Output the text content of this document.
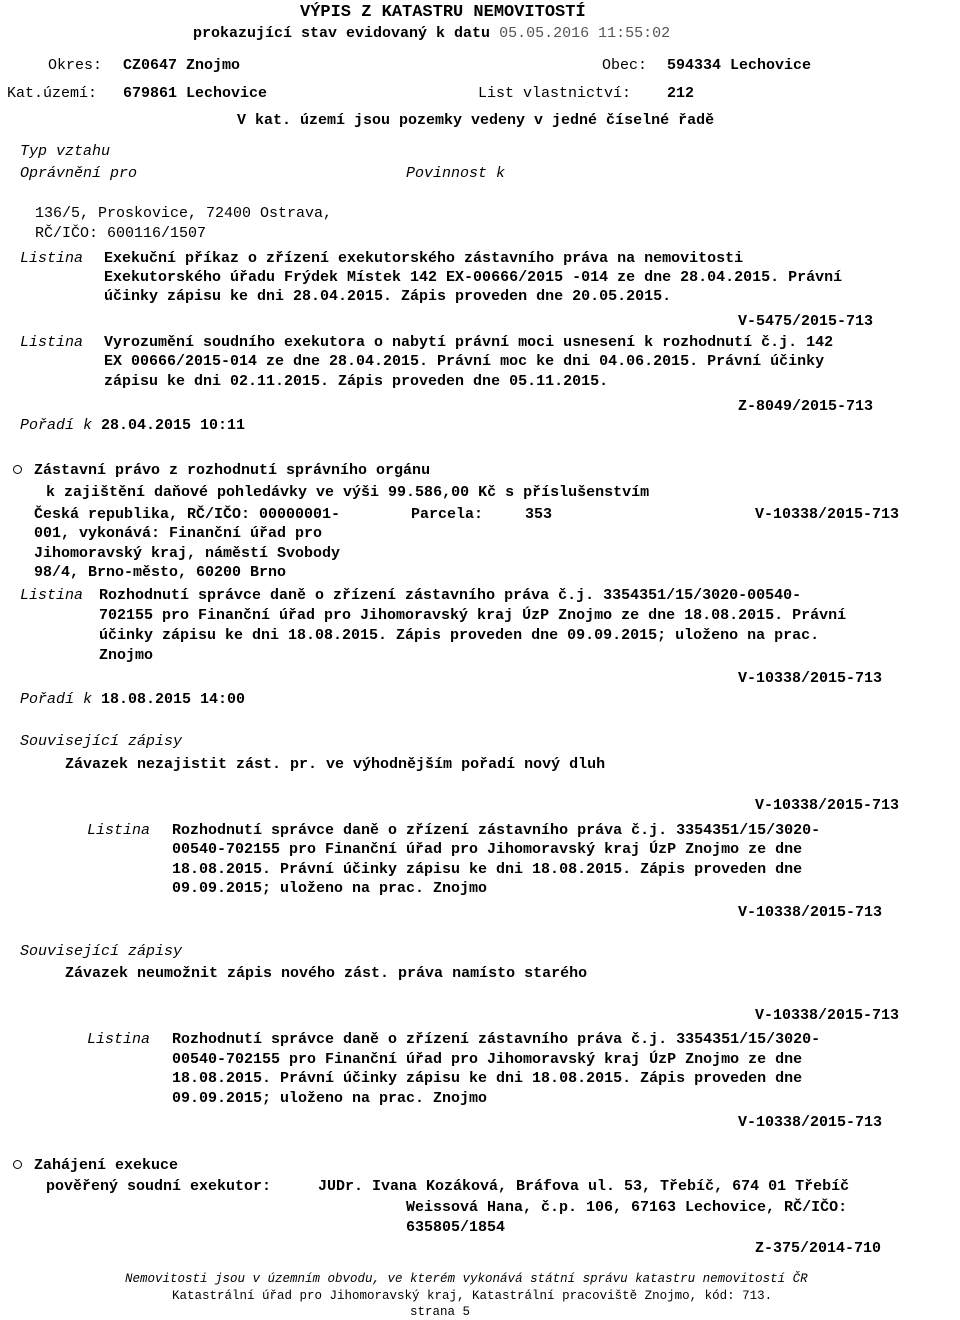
VÝPIS Z KATASTRU NEMOVITOSTÍ
prokazující stav evidovaný k datu 05.05.2016 11:55:02
Okres: CZ0647 Znojmo	Obec: 594334 Lechovice
Kat.území: 679861 Lechovice	List vlastnictví: 212
V kat. území jsou pozemky vedeny v jedné číselné řadě
Typ vztahu
Oprávnění pro	Povinnost k
136/5, Proskovice, 72400 Ostrava,
RČ/IČO: 600116/1507
Listina Exekuční příkaz o zřízení exekutorského zástavního práva na nemovitosti
Exekutorského úřadu Frýdek Místek 142 EX-00666/2015 -014 ze dne 28.04.2015. Právní
účinky zápisu ke dni 28.04.2015. Zápis proveden dne 20.05.2015.
V-5475/2015-713
Listina Vyrozumění soudního exekutora o nabytí právní moci usnesení k rozhodnutí č.j. 142
EX 00666/2015-014 ze dne 28.04.2015. Právní moc ke dni 04.06.2015. Právní účinky
zápisu ke dni 02.11.2015. Zápis proveden dne 05.11.2015.
Z-8049/2015-713
Pořadí k 28.04.2015 10:11
Zástavní právo z rozhodnutí správního orgánu
k zajištění daňové pohledávky ve výši 99.586,00 Kč s příslušenstvím
Česká republika, RČ/IČO: 00000001-
001, vykonává: Finanční úřad pro
Jihomoravský kraj, náměstí Svobody
98/4, Brno-město, 60200 Brno
Parcela:	353	V-10338/2015-713
Listina Rozhodnutí správce daně o zřízení zástavního práva č.j. 3354351/15/3020-00540-
702155 pro Finanční úřad pro Jihomoravský kraj ÚzP Znojmo ze dne 18.08.2015. Právní
účinky zápisu ke dni 18.08.2015. Zápis proveden dne 09.09.2015; uloženo na prac.
Znojmo
V-10338/2015-713
Pořadí k 18.08.2015 14:00
Související zápisy
Závazek nezajistit zást. pr. ve výhodnějším pořadí nový dluh
V-10338/2015-713
Listina Rozhodnutí správce daně o zřízení zástavního práva č.j. 3354351/15/3020-
00540-702155 pro Finanční úřad pro Jihomoravský kraj ÚzP Znojmo ze dne
18.08.2015. Právní účinky zápisu ke dni 18.08.2015. Zápis proveden dne
09.09.2015; uloženo na prac. Znojmo
V-10338/2015-713
Související zápisy
Závazek neumožnit zápis nového zást. práva namísto starého
V-10338/2015-713
Listina Rozhodnutí správce daně o zřízení zástavního práva č.j. 3354351/15/3020-
00540-702155 pro Finanční úřad pro Jihomoravský kraj ÚzP Znojmo ze dne
18.08.2015. Právní účinky zápisu ke dni 18.08.2015. Zápis proveden dne
09.09.2015; uloženo na prac. Znojmo
V-10338/2015-713
Zahájení exekuce
pověřený soudní exekutor:	JUDr. Ivana Kozáková, Bráfova ul. 53, Třebíč, 674 01 Třebíč
Weissová Hana, č.p. 106, 67163 Lechovice, RČ/IČO:
635805/1854
Z-375/2014-710
Nemovitosti jsou v územním obvodu, ve kterém vykonává státní správu katastru nemovitostí ČR
Katastrální úřad pro Jihomoravský kraj, Katastrální pracoviště Znojmo, kód: 713.
strana 5
